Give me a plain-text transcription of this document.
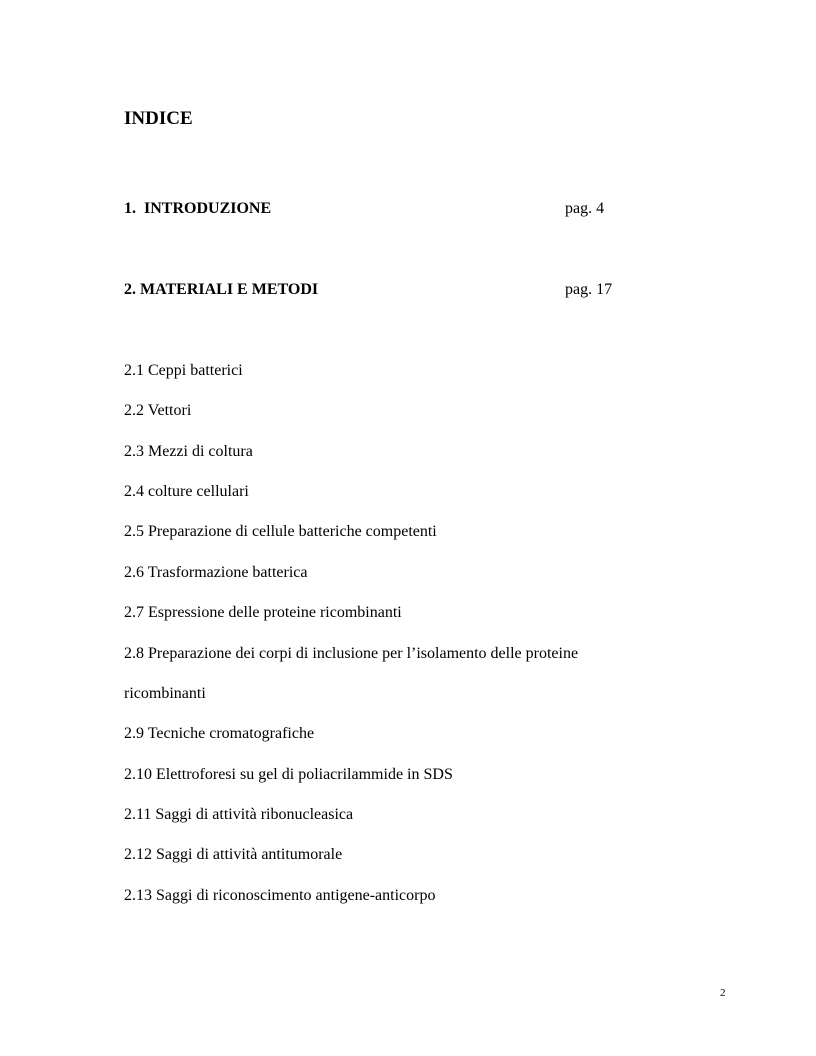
INDICE
1.  INTRODUZIONE	pag. 4
2. MATERIALI E METODI	pag. 17
2.1 Ceppi batterici
2.2 Vettori
2.3 Mezzi di coltura
2.4 colture cellulari
2.5 Preparazione di cellule batteriche competenti
2.6 Trasformazione batterica
2.7 Espressione delle proteine ricombinanti
2.8 Preparazione dei corpi di inclusione per l’isolamento delle proteine
ricombinanti
2.9 Tecniche cromatografiche
2.10 Elettroforesi su gel di poliacrilammide in SDS
2.11 Saggi di attività ribonucleasica
2.12 Saggi di attività antitumorale
2.13 Saggi di riconoscimento antigene-anticorpo
2
